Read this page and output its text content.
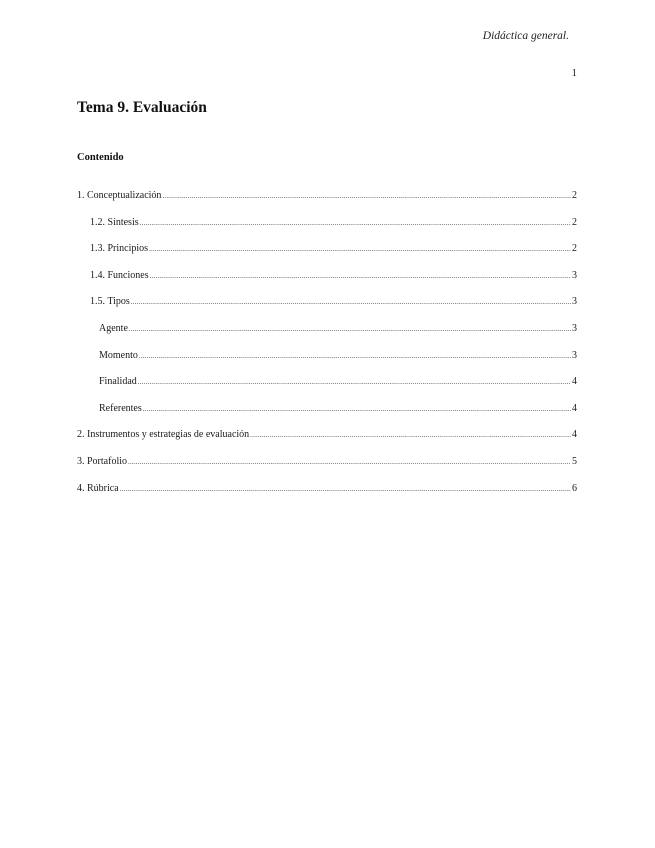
Didáctica general.
1
Tema 9. Evaluación
Contenido
1. Conceptualización .....	2
1.2. Síntesis .....	2
1.3. Principios .....	2
1.4. Funciones .....	3
1.5. Tipos .....	3
Agente .....	3
Momento .....	3
Finalidad .....	4
Referentes .....	4
2. Instrumentos y estrategias de evaluación .....	4
3. Portafolio .....	5
4. Rúbrica .....	6
